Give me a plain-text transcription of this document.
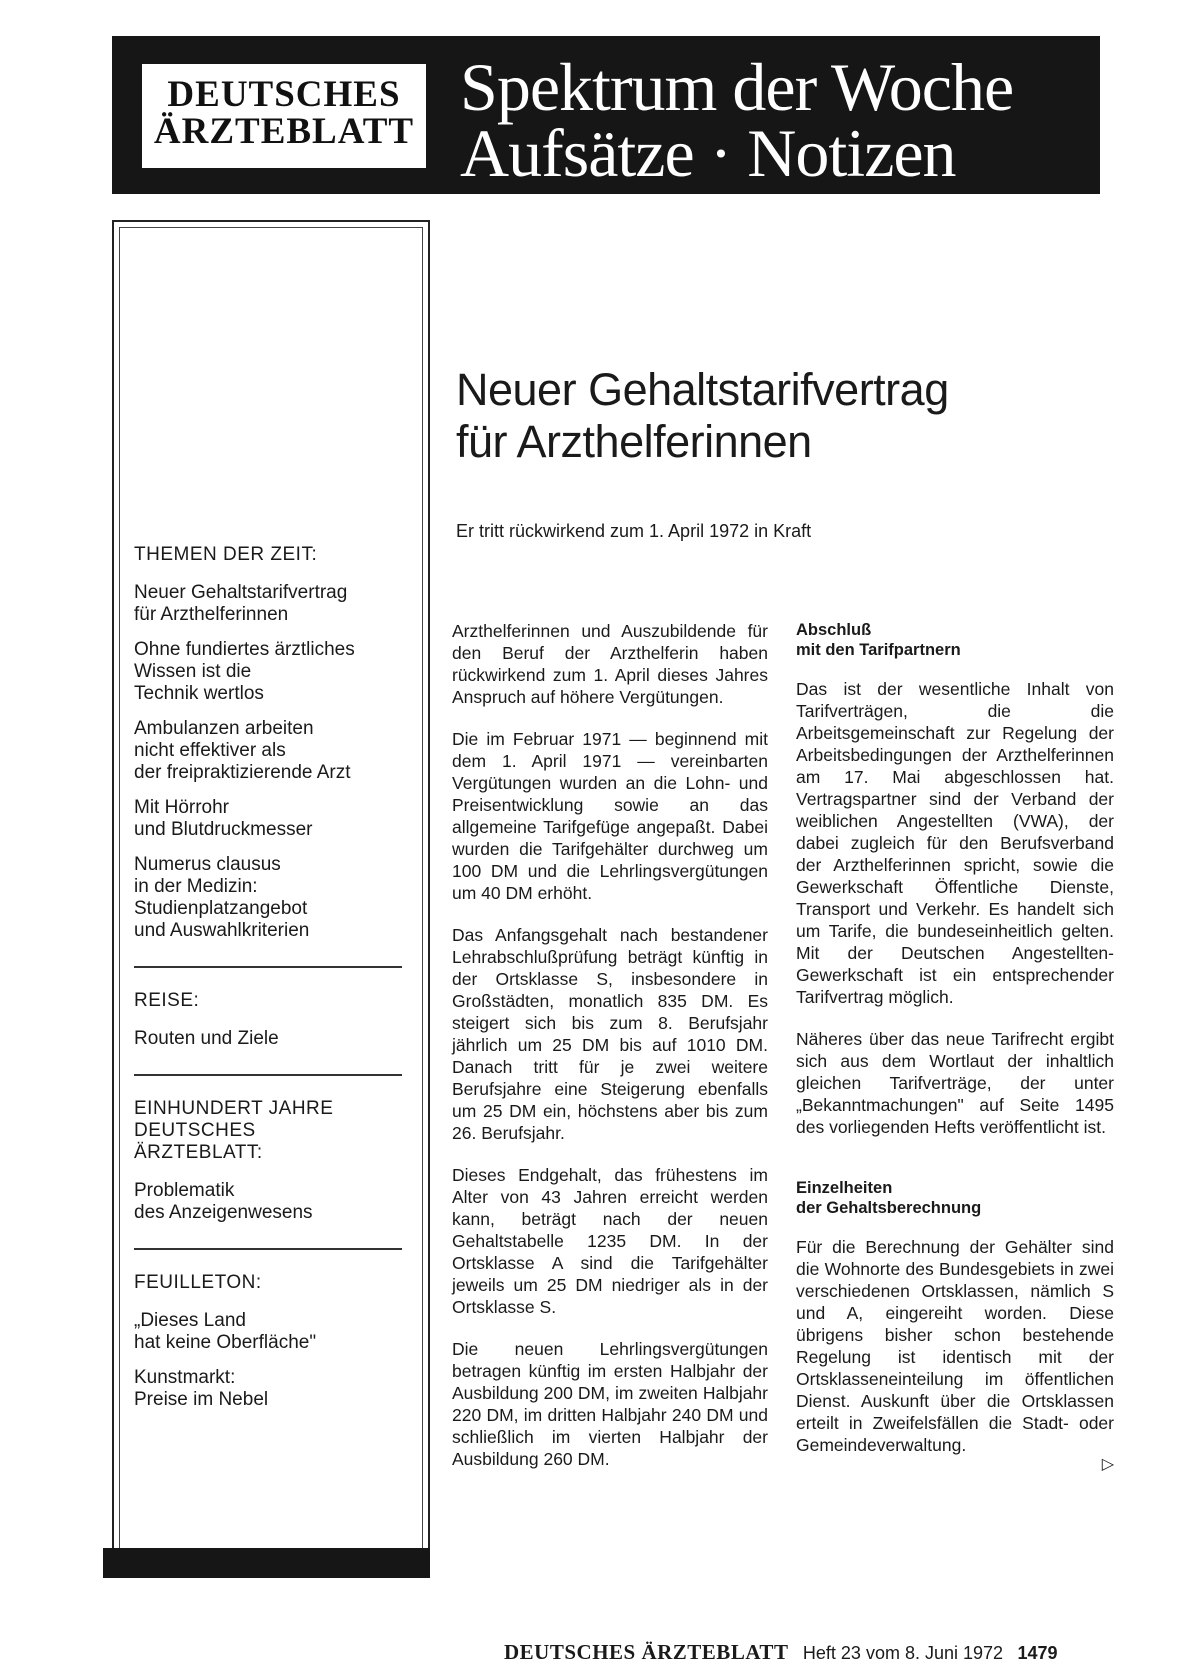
DEUTSCHES
ÄRZTEBLATT
Spektrum der Woche
Aufsätze · Notizen
THEMEN DER ZEIT:
Neuer Gehaltstarifvertrag
für Arzthelferinnen
Ohne fundiertes ärztliches
Wissen ist die
Technik wertlos
Ambulanzen arbeiten
nicht effektiver als
der freipraktizierende Arzt
Mit Hörrohr
und Blutdruckmesser
Numerus clausus
in der Medizin:
Studienplatzangebot
und Auswahlkriterien
REISE:
Routen und Ziele
EINHUNDERT JAHRE
DEUTSCHES
ÄRZTEBLATT:
Problematik
des Anzeigenwesens
FEUILLETON:
„Dieses Land
hat keine Oberfläche"
Kunstmarkt:
Preise im Nebel
Neuer Gehaltstarifvertrag
für Arzthelferinnen
Er tritt rückwirkend zum 1. April 1972 in Kraft

Arzthelferinnen und Auszubildende für den Beruf der Arzthelferin haben rückwirkend zum 1. April dieses Jahres Anspruch auf höhere Vergütungen.

Die im Februar 1971 — beginnend mit dem 1. April 1971 — vereinbarten Vergütungen wurden an die Lohn- und Preisentwicklung sowie an das allgemeine Tarifgefüge angepaßt. Dabei wurden die Tarifgehälter durchweg um 100 DM und die Lehrlingsvergütungen um 40 DM erhöht.

Das Anfangsgehalt nach bestandener Lehrabschlußprüfung beträgt künftig in der Ortsklasse S, insbesondere in Großstädten, monatlich 835 DM. Es steigert sich bis zum 8. Berufsjahr jährlich um 25 DM bis auf 1010 DM. Danach tritt für je zwei weitere Berufsjahre eine Steigerung ebenfalls um 25 DM ein, höchstens aber bis zum 26. Berufsjahr.

Dieses Endgehalt, das frühestens im Alter von 43 Jahren erreicht werden kann, beträgt nach der neuen Gehaltstabelle 1235 DM. In der Ortsklasse A sind die Tarifgehälter jeweils um 25 DM niedriger als in der Ortsklasse S.

Die neuen Lehrlingsvergütungen betragen künftig im ersten Halbjahr der Ausbildung 200 DM, im zweiten Halbjahr 220 DM, im dritten Halbjahr 240 DM und schließlich im vierten Halbjahr der Ausbildung 260 DM.

Abschluß
mit den Tarifpartnern

Das ist der wesentliche Inhalt von Tarifverträgen, die die Arbeitsgemeinschaft zur Regelung der Arbeitsbedingungen der Arzthelferinnen am 17. Mai abgeschlossen hat. Vertragspartner sind der Verband der weiblichen Angestellten (VWA), der dabei zugleich für den Berufsverband der Arzthelferinnen spricht, sowie die Gewerkschaft Öffentliche Dienste, Transport und Verkehr. Es handelt sich um Tarife, die bundeseinheitlich gelten. Mit der Deutschen Angestellten-Gewerkschaft ist ein entsprechender Tarifvertrag möglich.

Näheres über das neue Tarifrecht ergibt sich aus dem Wortlaut der inhaltlich gleichen Tarifverträge, der unter „Bekanntmachungen" auf Seite 1495 des vorliegenden Hefts veröffentlicht ist.

Einzelheiten
der Gehaltsberechnung

Für die Berechnung der Gehälter sind die Wohnorte des Bundesgebiets in zwei verschiedenen Ortsklassen, nämlich S und A, eingereiht worden. Diese übrigens bisher schon bestehende Regelung ist identisch mit der Ortsklasseneinteilung im öffentlichen Dienst. Auskunft über die Ortsklassen erteilt in Zweifelsfällen die Stadt- oder Gemeindeverwaltung.

▷
DEUTSCHES ÄRZTEBLATT Heft 23 vom 8. Juni 1972 1479
